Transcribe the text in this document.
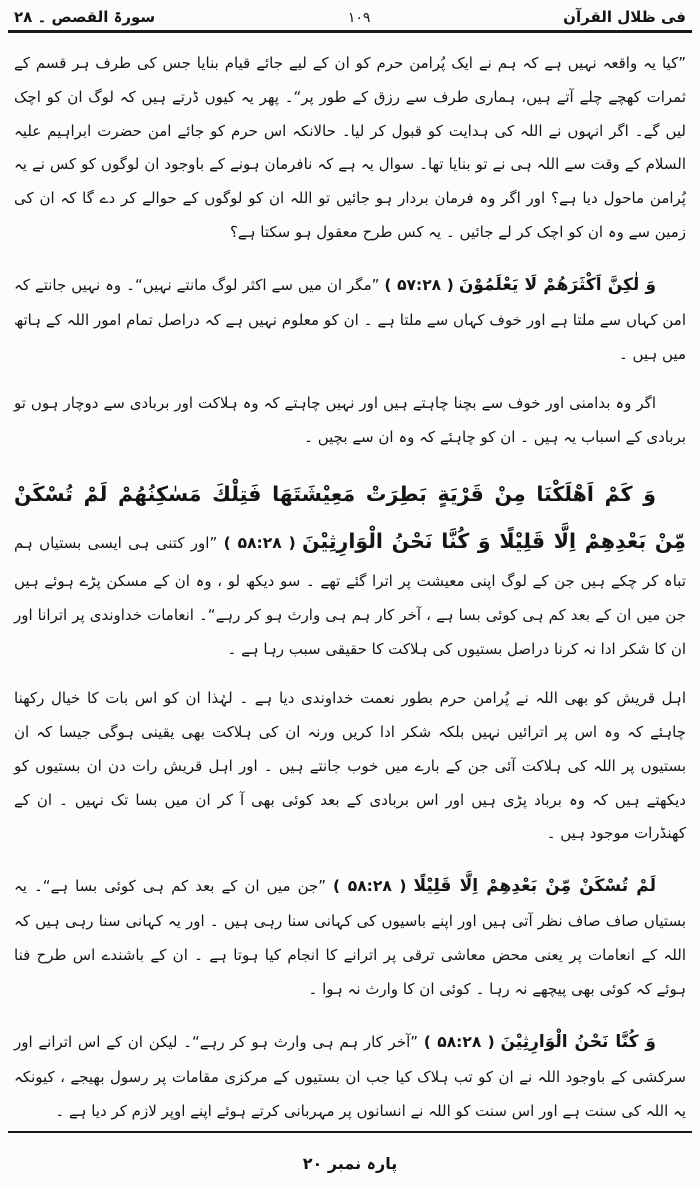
فی ظلال القرآن
۱۰۹
سورۃ القصص ۔ ۲۸

”کیا یہ واقعہ نہیں ہے کہ ہم نے ایک پُرامن حرم کو ان کے لیے جائے قیام بنایا جس کی طرف ہر قسم کے ثمرات کھچے چلے آتے ہیں، ہماری طرف سے رزق کے طور پر“۔ پھر یہ کیوں ڈرتے ہیں کہ لوگ ان کو اچک لیں گے۔ اگر انہوں نے اللہ کی ہدایت کو قبول کر لیا۔ حالانکہ اس حرم کو جائے امن حضرت ابراہیم علیہ السلام کے وقت سے اللہ ہی نے تو بنایا تھا۔ سوال یہ ہے کہ نافرمان ہونے کے باوجود ان لوگوں کو کس نے یہ پُرامن ماحول دیا ہے؟ اور اگر وہ فرمان بردار ہو جائیں تو اللہ ان کو لوگوں کے حوالے کر دے گا کہ ان کی زمین سے وہ ان کو اچک کر لے جائیں ۔ یہ کس طرح معقول ہو سکتا ہے؟

وَ لٰكِنَّ اَكْثَرَهُمْ لَا يَعْلَمُوْنَ ( ۵۷:۲۸ ) ”مگر ان میں سے اکثر لوگ مانتے نہیں“۔ وہ نہیں جانتے کہ امن کہاں سے ملتا ہے اور خوف کہاں سے ملتا ہے ۔ ان کو معلوم نہیں ہے کہ دراصل تمام امور اللہ کے ہاتھ میں ہیں ۔

اگر وہ بدامنی اور خوف سے بچنا چاہتے ہیں اور نہیں چاہتے کہ وہ ہلاکت اور بربادی سے دوچار ہوں تو بربادی کے اسباب یہ ہیں ۔ ان کو چاہئے کہ وہ ان سے بچیں ۔

وَ كَمْ اَهْلَكْنَا مِنْ قَرْيَةٍ بَطِرَتْ مَعِيْشَتَهَا فَتِلْكَ مَسٰكِنُهُمْ لَمْ تُسْكَنْ مِّنْ بَعْدِهِمْ اِلَّا قَلِيْلًا وَ كُنَّا نَحْنُ الْوَارِثِيْنَ ( ۵۸:۲۸ ) ”اور کتنی ہی ایسی بستیاں ہم تباہ کر چکے ہیں جن کے لوگ اپنی معیشت پر اترا گئے تھے ۔ سو دیکھ لو ، وہ ان کے مسکن پڑے ہوئے ہیں جن میں ان کے بعد کم ہی کوئی بسا ہے ، آخر کار ہم ہی وارث ہو کر رہے“۔ انعامات خداوندی پر اترانا اور ان کا شکر ادا نہ کرنا دراصل بستیوں کی ہلاکت کا حقیقی سبب رہا ہے ۔

اہل قریش کو بھی اللہ نے پُرامن حرم بطور نعمت خداوندی دیا ہے ۔ لہٰذا ان کو اس بات کا خیال رکھنا چاہئے کہ وہ اس پر اترائیں نہیں بلکہ شکر ادا کریں ورنہ ان کی ہلاکت بھی یقینی ہوگی جیسا کہ ان بستیوں پر اللہ کی ہلاکت آئی جن کے بارے میں خوب جانتے ہیں ۔ اور اہل قریش رات دن ان بستیوں کو دیکھتے ہیں کہ وہ برباد پڑی ہیں اور اس بربادی کے بعد کوئی بھی آ کر ان میں بسا تک نہیں ۔ ان کے کھنڈرات موجود ہیں ۔

لَمْ تُسْكَنْ مِّنْ بَعْدِهِمْ اِلَّا قَلِيْلًا ( ۵۸:۲۸ ) ”جن میں ان کے بعد کم ہی کوئی بسا ہے“۔ یہ بستیاں صاف صاف نظر آتی ہیں اور اپنے باسیوں کی کہانی سنا رہی ہیں ۔ اور یہ کہانی سنا رہی ہیں کہ اللہ کے انعامات پر یعنی محض معاشی ترقی پر اترانے کا انجام کیا ہوتا ہے ۔ ان کے باشندے اس طرح فنا ہوئے کہ کوئی بھی پیچھے نہ رہا ۔ کوئی ان کا وارث نہ ہوا ۔

وَ كُنَّا نَحْنُ الْوَارِثِيْنَ ( ۵۸:۲۸ ) ”آخر کار ہم ہی وارث ہو کر رہے“۔ لیکن ان کے اس اترانے اور سرکشی کے باوجود اللہ نے ان کو تب ہلاک کیا جب ان بستیوں کے مرکزی مقامات پر رسول بھیجے ، کیونکہ یہ اللہ کی سنت ہے اور اس سنت کو اللہ نے انسانوں پر مہربانی کرتے ہوئے اپنے اوپر لازم کر دیا ہے ۔

پارہ نمبر ۲۰
